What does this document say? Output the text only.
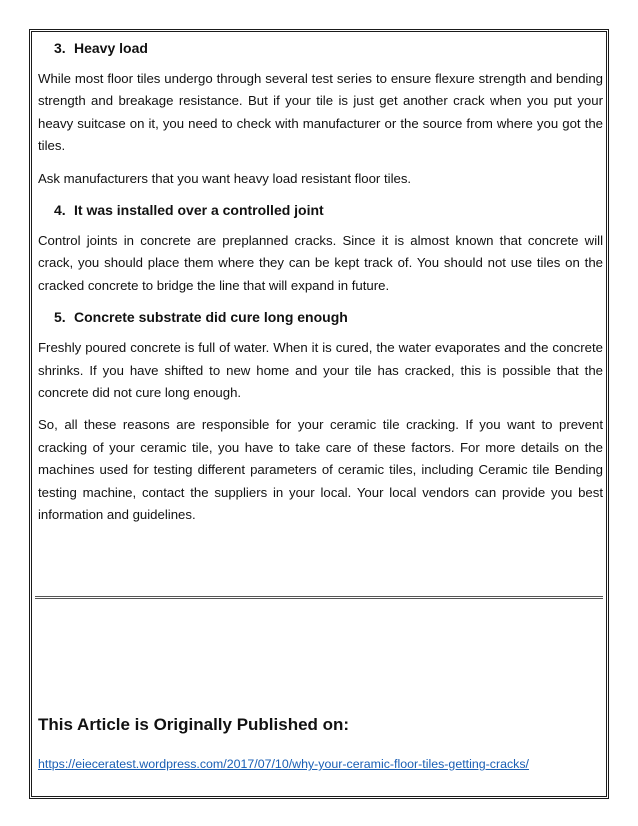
3. Heavy load

While most floor tiles undergo through several test series to ensure flexure strength and bending strength and breakage resistance. But if your tile is just get another crack when you put your heavy suitcase on it, you need to check with manufacturer or the source from where you got the tiles.

Ask manufacturers that you want heavy load resistant floor tiles.

4. It was installed over a controlled joint

Control joints in concrete are preplanned cracks. Since it is almost known that concrete will crack, you should place them where they can be kept track of. You should not use tiles on the cracked concrete to bridge the line that will expand in future.

5. Concrete substrate did cure long enough

Freshly poured concrete is full of water. When it is cured, the water evaporates and the concrete shrinks. If you have shifted to new home and your tile has cracked, this is possible that the concrete did not cure long enough.

So, all these reasons are responsible for your ceramic tile cracking. If you want to prevent cracking of your ceramic tile, you have to take care of these factors. For more details on the machines used for testing different parameters of ceramic tiles, including Ceramic tile Bending testing machine, contact the suppliers in your local. Your local vendors can provide you best information and guidelines.

This Article is Originally Published on:
https://eieceratest.wordpress.com/2017/07/10/why-your-ceramic-floor-tiles-getting-cracks/
